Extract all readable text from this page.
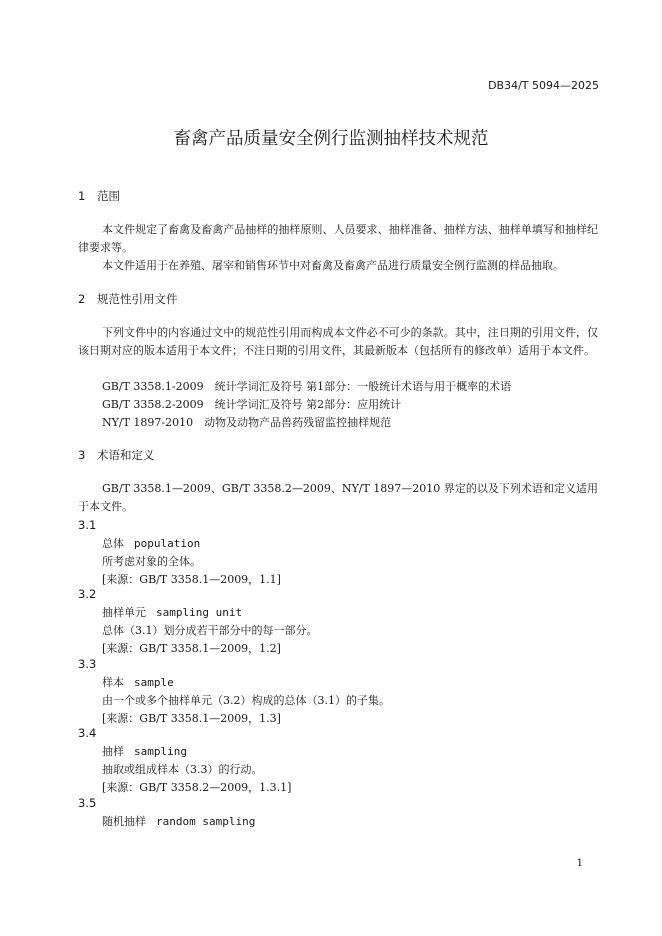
DB34/T 5094—2025
畜禽产品质量安全例行监测抽样技术规范
1 范围
本文件规定了畜禽及畜禽产品抽样的抽样原则、人员要求、抽样准备、抽样方法、抽样单填写和抽样纪律要求等。
本文件适用于在养殖、屠宰和销售环节中对畜禽及畜禽产品进行质量安全例行监测的样品抽取。
2 规范性引用文件
下列文件中的内容通过文中的规范性引用而构成本文件必不可少的条款。其中，注日期的引用文件，仅该日期对应的版本适用于本文件；不注日期的引用文件，其最新版本（包括所有的修改单）适用于本文件。
GB/T 3358.1-2009　统计学词汇及符号 第1部分：一般统计术语与用于概率的术语
GB/T 3358.2-2009　统计学词汇及符号 第2部分：应用统计
NY/T 1897-2010　动物及动物产品兽药残留监控抽样规范
3 术语和定义
GB/T 3358.1—2009、GB/T 3358.2—2009、NY/T 1897—2010 界定的以及下列术语和定义适用于本文件。
3.1
总体 population
所考虑对象的全体。
[来源：GB/T 3358.1—2009，1.1]
3.2
抽样单元 sampling unit
总体（3.1）划分成若干部分中的每一部分。
[来源：GB/T 3358.1—2009，1.2]
3.3
样本 sample
由一个或多个抽样单元（3.2）构成的总体（3.1）的子集。
[来源：GB/T 3358.1—2009，1.3]
3.4
抽样 sampling
抽取或组成样本（3.3）的行动。
[来源：GB/T 3358.2—2009，1.3.1]
3.5
随机抽样 random sampling
1
